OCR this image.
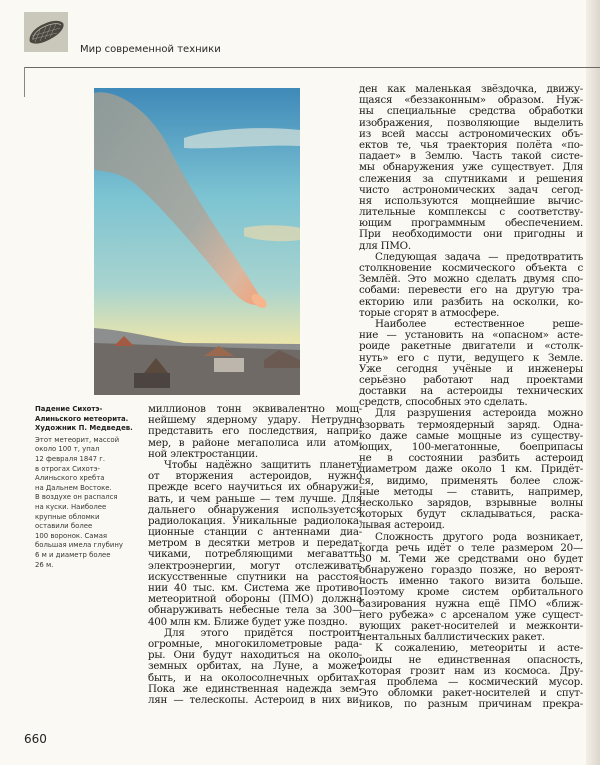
Мир современной техники
Падение Сихотэ-
Алиньского метеорита.
Художник П. Медведев.
Этот метеорит, массой
около 100 т, упал
12 февраля 1847 г.
в отрогах Сихотэ-
Алиньского хребта
на Дальнем Востоке.
В воздухе он распался
на куски. Наиболее
крупные обломки
оставили более
100 воронок. Самая
большая имела глубину
6 м и диаметр более
26 м.
миллионов тонн эквивалентно мощ-
нейшему ядерному удару. Нетрудно
представить его последствия, напри-
мер, в районе мегаполиса или атом-
ной электростанции.
Чтобы надёжно защитить планету
от вторжения астероидов, нужно
прежде всего научиться их обнаружи-
вать, и чем раньше — тем лучше. Для
дальнего обнаружения используется
радиолокация. Уникальные радиолока-
ционные станции с антеннами диа-
метром в десятки метров и передат-
чиками, потребляющими мегаватты
электроэнергии, могут отслеживать
искусственные спутники на расстоя-
нии 40 тыс. км. Система же противо-
метеоритной обороны (ПМО) должна
обнаруживать небесные тела за 300—
400 млн км. Ближе будет уже поздно.
Для этого придётся построить
огромные, многокилометровые рада-
ры. Они будут находиться на около-
земных орбитах, на Луне, а может
быть, и на околосолнечных орбитах.
Пока же единственная надежда зем-
лян — телескопы. Астероид в них ви-
ден как маленькая звёздочка, движу-
щаяся «беззаконным» образом. Нуж-
ны специальные средства обработки
изображения, позволяющие выделить
из всей массы астрономических объ-
ектов те, чья траектория полёта «по-
падает» в Землю. Часть такой систе-
мы обнаружения уже существует. Для
слежения за спутниками и решения
чисто астрономических задач сегод-
ня используются мощнейшие вычис-
лительные комплексы с соответству-
ющим программным обеспечением.
При необходимости они пригодны и
для ПМО.
Следующая задача — предотвратить
столкновение космического объекта с
Землёй. Это можно сделать двумя спо-
собами: перевести его на другую тра-
екторию или разбить на осколки, ко-
торые сгорят в атмосфере.
Наиболее естественное реше-
ние — установить на «опасном» асте-
роиде ракетные двигатели и «столк-
нуть» его с пути, ведущего к Земле.
Уже сегодня учёные и инженеры
серьёзно работают над проектами
доставки на астероиды технических
средств, способных это сделать.
Для разрушения астероида можно
взорвать термоядерный заряд. Одна-
ко даже самые мощные из существу-
ющих, 100-мегатонные, боеприпасы
не в состоянии разбить астероид
диаметром даже около 1 км. Придёт-
ся, видимо, применять более слож-
ные методы — ставить, например,
несколько зарядов, взрывные волны
которых будут складываться, раска-
лывая астероид.
Сложность другого рода возникает,
когда речь идёт о теле размером 20—
30 м. Теми же средствами оно будет
обнаружено гораздо позже, но вероят-
ность именно такого визита больше.
Поэтому кроме систем орбитального
базирования нужна ещё ПМО «ближ-
него рубежа» с арсеналом уже сущест-
вующих ракет-носителей и межконти-
нентальных баллистических ракет.
К сожалению, метеориты и асте-
роиды не единственная опасность,
которая грозит нам из космоса. Дру-
гая проблема — космический мусор.
Это обломки ракет-носителей и спут-
ников, по разным причинам прекра-
660
